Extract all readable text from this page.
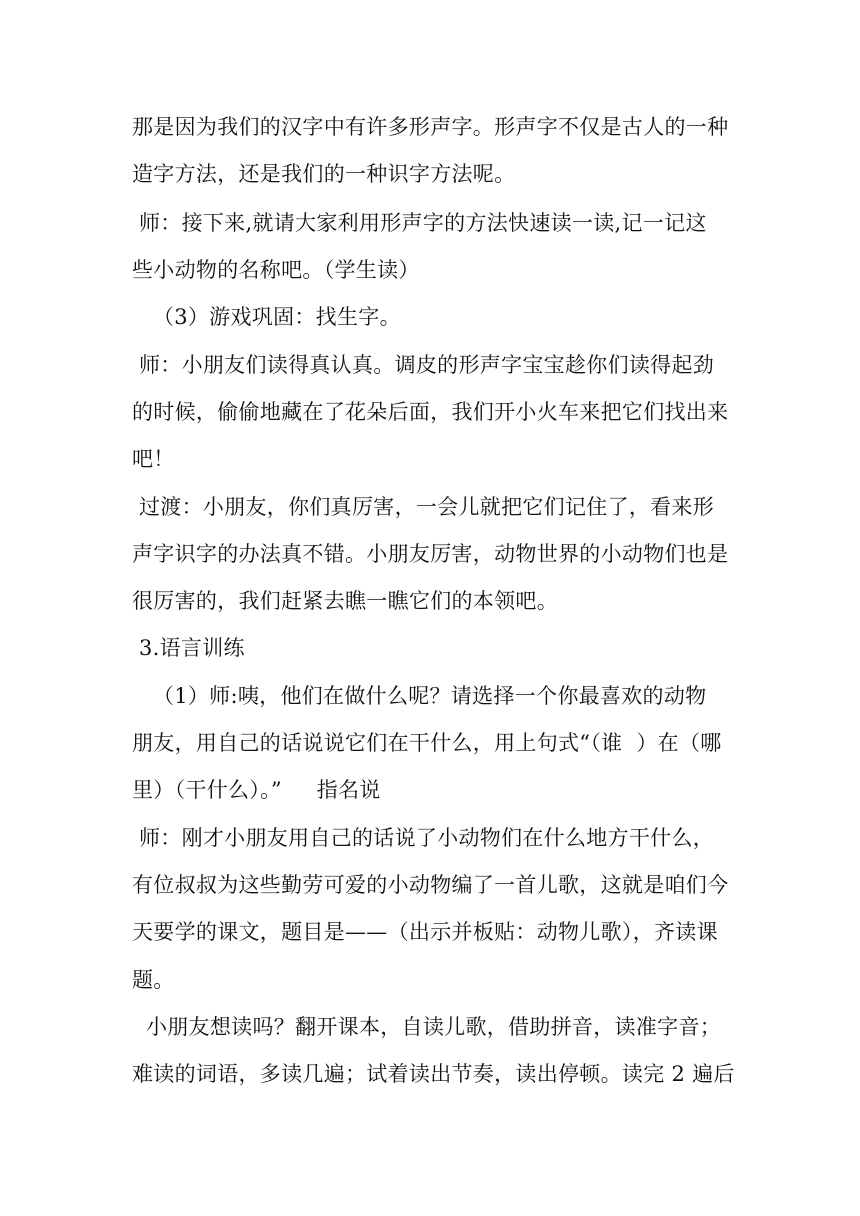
那是因为我们的汉字中有许多形声字。形声字不仅是古人的一种
造字方法，还是我们的一种识字方法呢。
师：接下来,就请大家利用形声字的方法快速读一读,记一记这
些小动物的名称吧。（学生读）
（3）游戏巩固：找生字。
师：小朋友们读得真认真。调皮的形声字宝宝趁你们读得起劲
的时候，偷偷地藏在了花朵后面，我们开小火车来把它们找出来
吧！
过渡：小朋友，你们真厉害，一会儿就把它们记住了，看来形
声字识字的办法真不错。小朋友厉害，动物世界的小动物们也是
很厉害的，我们赶紧去瞧一瞧它们的本领吧。
3.语言训练
（1）师:咦，他们在做什么呢？请选择一个你最喜欢的动物
朋友，用自己的话说说它们在干什么，用上句式“（谁  ）在（哪
里）（干什么）。”     指名说
师：刚才小朋友用自己的话说了小动物们在什么地方干什么，
有位叔叔为这些勤劳可爱的小动物编了一首儿歌，这就是咱们今
天要学的课文，题目是——（出示并板贴：动物儿歌），齐读课
题。
小朋友想读吗？翻开课本，自读儿歌，借助拼音，读准字音；
难读的词语，多读几遍；试着读出节奏，读出停顿。读完 2 遍后
